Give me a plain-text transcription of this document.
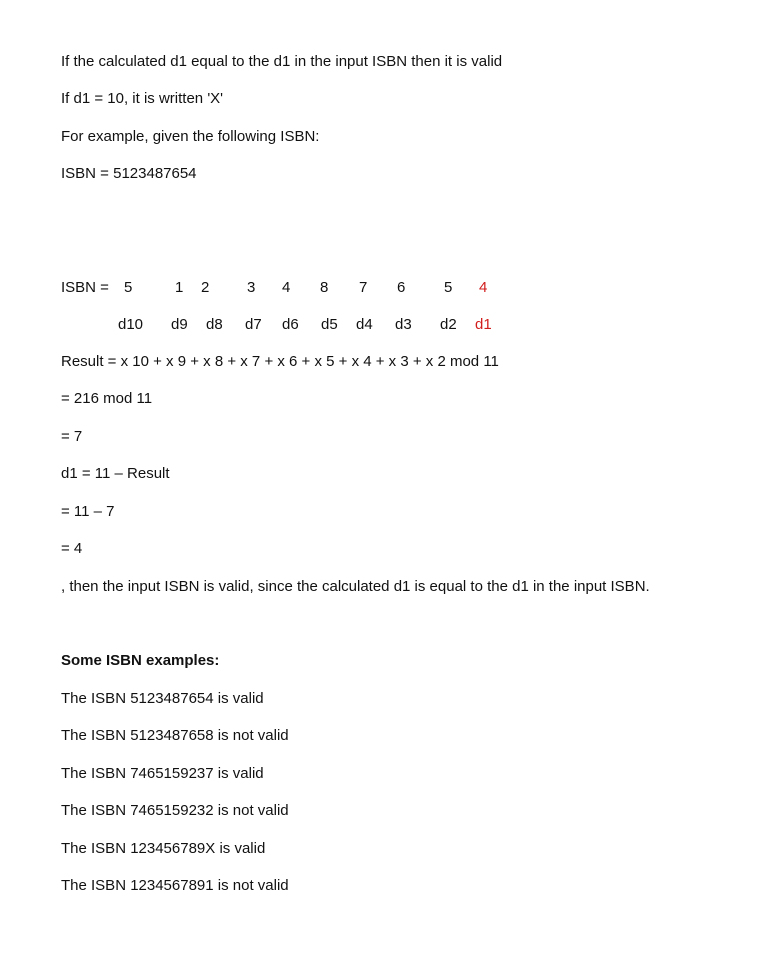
If the calculated d1 equal to the d1 in the input ISBN then it is valid
If d1 = 10, it is written 'X'
For example, given the following ISBN:
ISBN = 5123487654
ISBN = 5	1 2	3 4 8 7 6	5 4
d10 d9 d8 d7 d6 d5 d4 d3 d2 d1
Result = x 10 + x 9 + x 8 + x 7 + x 6 + x 5 + x 4 + x 3 + x 2 mod 11
= 216 mod 11
= 7
d1 = 11 – Result
= 11 – 7
= 4
, then the input ISBN is valid, since the calculated d1 is equal to the d1 in the input ISBN.
Some ISBN examples:
The ISBN 5123487654 is valid
The ISBN 5123487658 is not valid
The ISBN 7465159237 is valid
The ISBN 7465159232 is not valid
The ISBN 123456789X is valid
The ISBN 1234567891 is not valid
